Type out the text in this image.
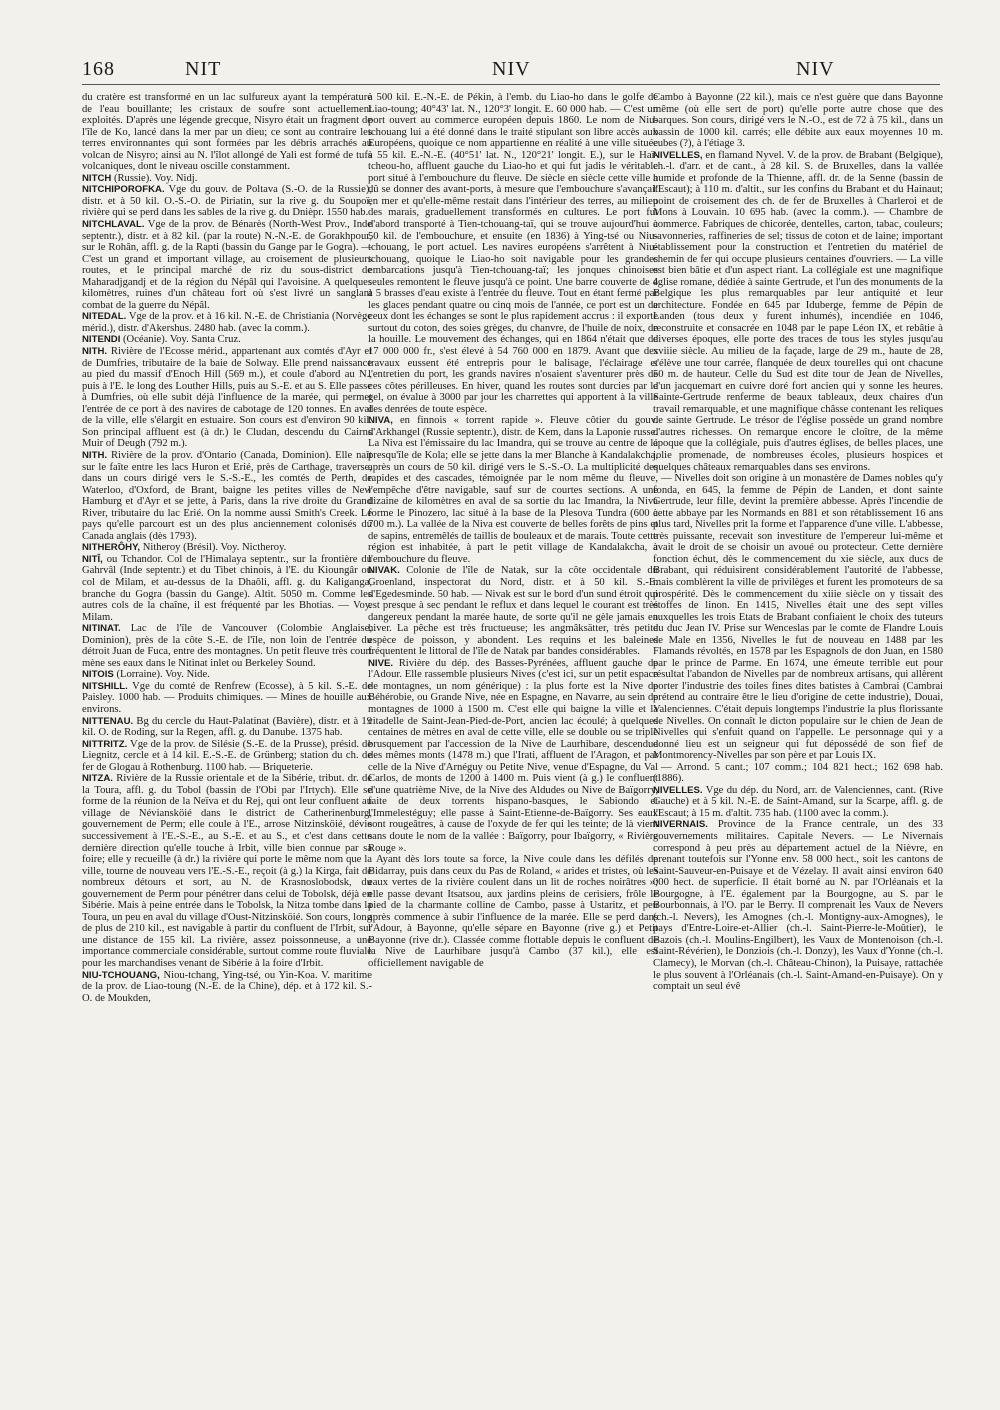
168	NIT	NIV	NIV

du cratère est transformé en un lac sulfureux ayant la température de l'eau bouillante; les cristaux de soufre sont actuellement exploités. D'après une légende grecque, Nisyro était un fragment de l'île de Ko, lancé dans la mer par un dieu; ce sont au contraire les terres environnantes qui sont formées par les débris arrachés au volcan de Nisyro; ainsi au N. l'îlot allongé de Yali est formé de tufs volcaniques, dont le niveau oscille constamment.

NITCH (Russie). Voy. Nidj.

NITCHIPOROFKA. Vge du gouv. de Poltava (S.-O. de la Russie), distr. et à 50 kil. O.-S.-O. de Piriatin, sur la rive g. du Soupoï, rivière qui se perd dans les sables de la rive g. du Dnièpr. 1550 hab.

NITCHLAVAL. Vge de la prov. de Bénarès (North-West Prov., Inde septentr.), distr. et à 82 kil. (par la route) N.-N.-E. de Gorakhpour, sur le Rohân, affl. g. de la Rapti (bassin du Gange par le Gogra). — C'est un grand et important village, au croisement de plusieurs routes, et le principal marché de riz du sous-district de Maharadjgandj et de la région du Népâl qui l'avoisine. A quelques kilomètres, ruines d'un château fort où s'est livré un sanglant combat de la guerre du Népâl.

NITEDAL. Vge de la prov. et à 16 kil. N.-E. de Christiania (Norvège mérid.), distr. d'Akershus. 2480 hab. (avec la comm.).

NITENDI (Océanie). Voy. Santa Cruz.

NITH. Rivière de l'Ecosse mérid., appartenant aux comtés d'Ayr et de Dumfries, tributaire de la baie de Solway. Elle prend naissance au pied du massif d'Enoch Hill (569 m.), et coule d'abord au N., puis à l'E. le long des Louther Hills, puis au S.-E. et au S. Elle passe à Dumfries, où elle subit déjà l'influence de la marée, qui permet l'entrée de ce port à des navires de cabotage de 120 tonnes. En aval de la ville, elle s'élargit en estuaire. Son cours est d'environ 90 kil. Son principal affluent est (à dr.) le Cludan, descendu du Cairns Muir of Deugh (792 m.).

NITH. Rivière de la prov. d'Ontario (Canada, Dominion). Elle naît sur le faîte entre les lacs Huron et Erié, près de Carthage, traverse, dans un cours dirigé vers le S.-S.-E., les comtés de Perth, de Waterloo, d'Oxford, de Brant, baigne les petites villes de New Hamburg et d'Ayr et se jette, à Paris, dans la rive droite du Grand River, tributaire du lac Erié. On la nomme aussi Smith's Creek. Le pays qu'elle parcourt est un des plus anciennement colonisés du Canada anglais (dès 1793).

NITHERÔHY, Nitheroy (Brésil). Voy. Nictheroy.

NITÎ, ou Tchandor. Col de l'Himalaya septentr., sur la frontière du Gahrvâl (Inde septentr.) et du Tibet chinois, à l'E. du Kioungâr ou col de Milam, et au-dessus de la Dhaôli, affl. g. du Kaliganga, branche du Gogra (bassin du Gange). Altit. 5050 m. Comme les autres cols de la chaîne, il est fréquenté par les Bhotias. — Voy. Milam.

NITINAT. Lac de l'île de Vancouver (Colombie Anglaise, Dominion), près de la côte S.-E. de l'île, non loin de l'entrée du détroit Juan de Fuca, entre des montagnes. Un petit fleuve très court mène ses eaux dans le Nitinat inlet ou Berkeley Sound.

NITOIS (Lorraine). Voy. Nide.

NITSHILL. Vge du comté de Renfrew (Ecosse), à 5 kil. S.-E. de Paisley. 1000 hab. — Produits chimiques. — Mines de houille aux environs.

NITTENAU. Bg du cercle du Haut-Palatinat (Bavière), distr. et à 19 kil. O. de Roding, sur la Regen, affl. g. du Danube. 1375 hab.

NITTRITZ. Vge de la prov. de Silésie (S.-E. de la Prusse), présid. de Liegnitz, cercle et à 14 kil. E.-S.-E. de Grünberg; station du ch. de fer de Glogau à Rothenburg. 1100 hab. — Briqueterie.

NITZA. Rivière de la Russie orientale et de la Sibérie, tribut. dr. de la Toura, affl. g. du Tobol (bassin de l'Obi par l'Irtych). Elle se forme de la réunion de la Neïva et du Rej, qui ont leur confluent au village de Néviansköié dans le district de Catherinenburg, gouvernement de Perm; elle coule à l'E., arrose Nitzinsköié, dévie successivement à l'E.-S.-E., au S.-E. et au S., et c'est dans cette dernière direction qu'elle touche à Irbit, ville bien connue par sa foire; elle y recueille (à dr.) la rivière qui porte le même nom que la ville, tourne de nouveau vers l'E.-S.-E., reçoit (à g.) la Kirga, fait de nombreux détours et sort, au N. de Krasnoslobodsk, du gouvernement de Perm pour pénétrer dans celui de Tobolsk, déjà en Sibérie. Mais à peine entrée dans le Tobolsk, la Nitza tombe dans la Toura, un peu en aval du village d'Oust-Nitzinsköié. Son cours, long de plus de 210 kil., est navigable à partir du confluent de l'Irbit, sur une distance de 155 kil. La rivière, assez poissonneuse, a une importance commerciale considérable, surtout comme route fluviale pour les marchandises venant de Sibérie à la foire d'Irbit.

NIU-TCHOUANG, Niou-tchang, Ying-tsé, ou Yin-Koa. V. maritime de la prov. de Liao-toung (N.-E. de la Chine), dép. et à 172 kil. S.-O. de Moukden,

à 500 kil. E.-N.-E. de Pékin, à l'emb. du Liao-ho dans le golfe de Liao-toung; 40°43' lat. N., 120°3' longit. E. 60 000 hab. — C'est un port ouvert au commerce européen depuis 1860. Le nom de Niu-tchouang lui a été donné dans le traité stipulant son libre accès aux Européens, quoique ce nom appartienne en réalité à une ville située à 55 kil. E.-N.-E. (40°51' lat. N., 120°21' longit. E.), sur le Haï-tcheou-ho, affluent gauche du Liao-ho et qui fut jadis le véritable port situé à l'embouchure du fleuve. De siècle en siècle cette ville a dû se donner des avant-ports, à mesure que l'embouchure s'avançait en mer et qu'elle-même restait dans l'intérieur des terres, au milieu des marais, graduellement transformés en cultures. Le port fut d'abord transporté à Tien-tchouang-taï, qui se trouve aujourd'hui à 50 kil. de l'embouchure, et ensuite (en 1836) à Ying-tsé ou Niu-tchouang, le port actuel. Les navires européens s'arrêtent à Niu-tchouang, quoique le Liao-ho soit navigable pour les grandes embarcations jusqu'à Tien-tchouang-taï; les jonques chinoises seules remontent le fleuve jusqu'à ce point. Une barre couverte de 4 à 5 brasses d'eau existe à l'entrée du fleuve. Tout en étant fermé par les glaces pendant quatre ou cinq mois de l'année, ce port est un de ceux dont les échanges se sont le plus rapidement accrus : il exporte surtout du coton, des soies grèges, du chanvre, de l'huile de noix, de la houille. Le mouvement des échanges, qui en 1864 n'était que de 17 000 000 fr., s'est élevé à 54 760 000 en 1879. Avant que des travaux eussent été entrepris pour le balisage, l'éclairage et l'entretien du port, les grands navires n'osaient s'aventurer près de ces côtes périlleuses. En hiver, quand les routes sont durcies par le gel, on évalue à 3000 par jour les charrettes qui apportent à la ville des denrées de toute espèce.

NIVA, en finnois « torrent rapide ». Fleuve côtier du gouv. d'Arkhangel (Russie septentr.), distr. de Kem, dans la Laponie russe. La Niva est l'émissaire du lac Imandra, qui se trouve au centre de la presqu'île de Kola; elle se jette dans la mer Blanche à Kandalakcha, après un cours de 50 kil. dirigé vers le S.-S.-O. La multiplicité des rapides et des cascades, témoignée par le nom même du fleuve, l'empêche d'être navigable, sauf sur de courtes sections. A une dizaine de kilomètres en aval de sa sortie du lac Imandra, la Niva forme le Pinozero, lac situé à la base de la Plesova Tundra (600 à 700 m.). La vallée de la Niva est couverte de belles forêts de pins et de sapins, entremêlés de taillis de bouleaux et de marais. Toute cette région est inhabitée, à part le petit village de Kandalakcha, à l'embouchure du fleuve.

NIVAK. Colonie de l'île de Natak, sur la côte occidentale du Groenland, inspectorat du Nord, distr. et à 50 kil. S.-E. d'Egedesminde. 50 hab. — Nivak est sur le bord d'un sund étroit qui est presque à sec pendant le reflux et dans lequel le courant est très dangereux pendant la marée haute, de sorte qu'il ne gèle jamais en hiver. La pêche est très fructueuse; les angmâksätter, très petite espèce de poisson, y abondent. Les requins et les baleines fréquentent le littoral de l'île de Natak par bandes considérables.

NIVE. Rivière du dép. des Basses-Pyrénées, affluent gauche de l'Adour. Elle rassemble plusieurs Nives (c'est ici, sur un petit espace de montagnes, un nom générique) : la plus forte est la Nive de Béhérobie, ou Grande Nive, née en Espagne, en Navarre, au sein de montagnes de 1000 à 1500 m. C'est elle qui baigne la ville et la citadelle de Saint-Jean-Pied-de-Port, ancien lac écoulé; à quelques centaines de mètres en aval de cette ville, elle se double ou se triple brusquement par l'accession de la Nive de Laurhibare, descendue des mêmes monts (1478 m.) que l'Irati, affluent de l'Aragon, et par celle de la Nive d'Arnéguy ou Petite Nive, venue d'Espagne, du Val Carlos, de monts de 1200 à 1400 m. Puis vient (à g.) le confluent d'une quatrième Nive, de la Nive des Aldudes ou Nive de Baïgorry, faite de deux torrents hispano-basques, le Sabiondo et l'Immelestéguy; elle passe à Saint-Etienne-de-Baïgorry. Ses eaux sont rougeâtres, à cause de l'oxyde de fer qui les teinte; de là vient sans doute le nom de la vallée : Baïgorry, pour Ibaïgorry, « Rivière Rouge ».

Ayant dès lors toute sa force, la Nive coule dans les défilés de Bidarray, puis dans ceux du Pas de Roland, « arides et tristes, où les eaux vertes de la rivière coulent dans un lit de roches noirâtres »; elle passe devant Itsatsou, aux jardins pleins de cerisiers, frôle le pied de la charmante colline de Cambo, passe à Ustaritz, et peu après commence à subir l'influence de la marée. Elle se perd dans l'Adour, à Bayonne, qu'elle sépare en Bayonne (rive g.) et Petit Bayonne (rive dr.). Classée comme flottable depuis le confluent de la Nive de Laurhibare jusqu'à Cambo (37 kil.), elle est officiellement navigable de

Cambo à Bayonne (22 kil.), mais ce n'est guère que dans Bayonne même (où elle sert de port) qu'elle porte autre chose que des barques. Son cours, dirigé vers le N.-O., est de 72 à 75 kil., dans un bassin de 1000 kil. carrés; elle débite aux eaux moyennes 10 m. cubes (?), à l'étiage 3.

NIVELLES, en flamand Nyvel. V. de la prov. de Brabant (Belgique), ch.-l. d'arr. et de cant., à 28 kil. S. de Bruxelles, dans la vallée humide et profonde de la Thienne, affl. dr. de la Senne (bassin de l'Escaut); à 110 m. d'altit., sur les confins du Brabant et du Hainaut; point de croisement des ch. de fer de Bruxelles à Charleroi et de Mons à Louvain. 10 695 hab. (avec la comm.). — Chambre de commerce. Fabriques de chicorée, dentelles, carton, tabac, couleurs; savonneries, raffineries de sel; tissus de coton et de laine; important établissement pour la construction et l'entretien du matériel de chemin de fer qui occupe plusieurs centaines d'ouvriers. — La ville est bien bâtie et d'un aspect riant. La collégiale est une magnifique église romane, dédiée à sainte Gertrude, et l'un des monuments de la Belgique les plus remarquables par leur antiquité et leur architecture. Fondée en 645 par Iduberge, femme de Pépin de Landen (tous deux y furent inhumés), incendiée en 1046, reconstruite et consacrée en 1048 par le pape Léon IX, et rebâtie à diverses époques, elle porte des traces de tous les styles jusqu'au xviiie siècle. Au milieu de la façade, large de 29 m., haute de 28, s'élève une tour carrée, flanquée de deux tourelles qui ont chacune 50 m. de hauteur. Celle du Sud est dite tour de Jean de Nivelles, d'un jacquemart en cuivre doré fort ancien qui y sonne les heures. Sainte-Gertrude renferme de beaux tableaux, deux chaires d'un travail remarquable, et une magnifique châsse contenant les reliques de sainte Gertrude. Le trésor de l'église possède un grand nombre d'autres richesses. On remarque encore le cloître, de la même époque que la collégiale, puis d'autres églises, de belles places, une jolie promenade, de nombreuses écoles, plusieurs hospices et quelques châteaux remarquables dans ses environs.

— Nivelles doit son origine à un monastère de Dames nobles qu'y fonda, en 645, la femme de Pépin de Landen, et dont sainte Gertrude, leur fille, devint la première abbesse. Après l'incendie de cette abbaye par les Normands en 881 et son rétablissement 16 ans plus tard, Nivelles prit la forme et l'apparence d'une ville. L'abbesse, très puissante, recevait son investiture de l'empereur lui-même et avait le droit de se choisir un avoué ou protecteur. Cette dernière fonction échut, dès le commencement du xie siècle, aux ducs de Brabant, qui réduisirent considérablement l'autorité de l'abbesse, mais comblèrent la ville de privilèges et furent les promoteurs de sa prospérité. Dès le commencement du xiiie siècle on y tissait des étoffes de linon. En 1415, Nivelles était une des sept villes auxquelles les trois Etats de Brabant confiaient le choix des tuteurs du duc Jean IV. Prise sur Wenceslas par le comte de Flandre Louis de Male en 1356, Nivelles le fut de nouveau en 1488 par les Flamands révoltés, en 1578 par les Espagnols de don Juan, en 1580 par le prince de Parme. En 1674, une émeute terrible eut pour résultat l'abandon de Nivelles par de nombreux artisans, qui allèrent porter l'industrie des toiles fines dites batistes à Cambrai (Cambrai prétend au contraire être le lieu d'origine de cette industrie), Douai, Valenciennes. C'était depuis longtemps l'industrie la plus florissante de Nivelles. On connaît le dicton populaire sur le chien de Jean de Nivelles qui s'enfuit quand on l'appelle. Le personnage qui y a donné lieu est un seigneur qui fut dépossédé de son fief de Montmorency-Nivelles par son père et par Louis IX.

— Arrond. 5 cant.; 107 comm.; 104 821 hect.; 162 698 hab. (1886).

NIVELLES. Vge du dép. du Nord, arr. de Valenciennes, cant. (Rive Gauche) et à 5 kil. N.-E. de Saint-Amand, sur la Scarpe, affl. g. de l'Escaut; à 15 m. d'altit. 735 hab. (1100 avec la comm.).

NIVERNAIS. Province de la France centrale, un des 33 gouvernements militaires. Capitale Nevers. — Le Nivernais correspond à peu près au département actuel de la Nièvre, en prenant toutefois sur l'Yonne env. 58 000 hect., soit les cantons de Saint-Sauveur-en-Puisaye et de Vézelay. Il avait ainsi environ 640 000 hect. de superficie. Il était borné au N. par l'Orléanais et la Bourgogne, à l'E. également par la Bourgogne, au S. par le Bourbonnais, à l'O. par le Berry. Il comprenait les Vaux de Nevers (ch.-l. Nevers), les Amognes (ch.-l. Montigny-aux-Amognes), le pays d'Entre-Loire-et-Allier (ch.-l. Saint-Pierre-le-Moûtier), le Bazois (ch.-l. Moulins-Engilbert), les Vaux de Montenoison (ch.-l. Saint-Révérien), le Donziois (ch.-l. Donzy), les Vaux d'Yonne (ch.-l. Clamecy), le Morvan (ch.-l. Château-Chinon), la Puisaye, rattachée le plus souvent à l'Orléanais (ch.-l. Saint-Amand-en-Puisaye). On y comptait un seul évê
